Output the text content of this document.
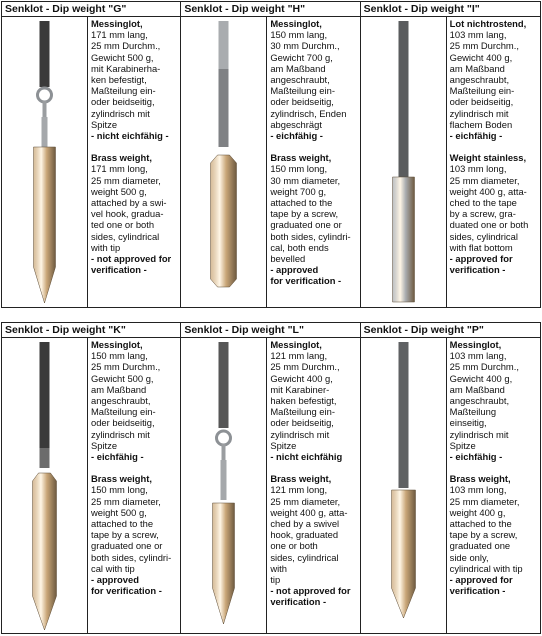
Senklot - Dip weight "G"

Messinglot,

171 mm lang,
25 mm Durchm.,
Gewicht 500 g,
mit Karabinerha-
ken befestigt,
Maßteilung ein-
oder beidseitig,
zylindrisch mit
Spitze

- nicht eichfähig -

Brass weight,

171 mm long,
25 mm diameter,
weight 500 g,
attached by a swi-
vel hook, gradua-
ted one or both
sides, cylindrical
with tip

- not approved for
verification -

Senklot - Dip weight "H"

Messinglot,

150 mm lang,
30 mm Durchm.,
Gewicht 700 g,
am Maßband
angeschraubt,
Maßteilung ein-
oder beidseitig,
zylindrisch, Enden
abgeschrägt

- eichfähig -

Brass weight,

150 mm long,
30 mm diameter,
weight 700 g,
attached to the
tape by a screw,
graduated one or
both sides, cylindri-
cal, both ends
bevelled

- approved
for verification -

Senklot - Dip weight "I"

Lot nichtrostend,

103 mm lang,
25 mm Durchm.,
Gewicht 400 g,
am Maßband
angeschraubt,
Maßteilung ein-
oder beidseitig,
zylindrisch mit
flachem Boden

- eichfähig -

Weight stainless,

103 mm long,
25 mm diameter,
weight 400 g, atta-
ched to the tape
by a screw, gra-
duated one or both
sides, cylindrical
with flat bottom

- approved for
verification -

Senklot - Dip weight "K"

Messinglot,

150 mm lang,
25 mm Durchm.,
Gewicht 500 g,
am Maßband
angeschraubt,
Maßteilung ein-
oder beidseitig,
zylindrisch mit
Spitze

- eichfähig -

Brass weight,

150 mm long,
25 mm diameter,
weight 500 g,
attached to the
tape by a screw,
graduated one or
both sides, cylindri-
cal with tip

- approved
for verification -

Senklot - Dip weight "L"

Messinglot,

121 mm lang,
25 mm Durchm.,
Gewicht 400 g,
mit Karabiner-
haken befestigt,
Maßteilung ein-
oder beidseitig,
zylindrisch mit
Spitze

- nicht eichfähig

Brass weight,

121 mm long,
25 mm diameter,
weight 400 g, atta-
ched by a swivel
hook, graduated
one or both
sides, cylindrical with
tip

- not approved for
verification -

Senklot - Dip weight "P"

Messinglot,

103 mm lang,
25 mm Durchm.,
Gewicht 400 g,
am Maßband
angeschraubt,
Maßteilung
einseitig,
zylindrisch mit
Spitze

- eichfähig -

Brass weight,

103 mm long,
25 mm diameter,
weight 400 g,
attached to the
tape by a screw,
graduated one
side only,
cylindrical with tip

- approved for
verification -
